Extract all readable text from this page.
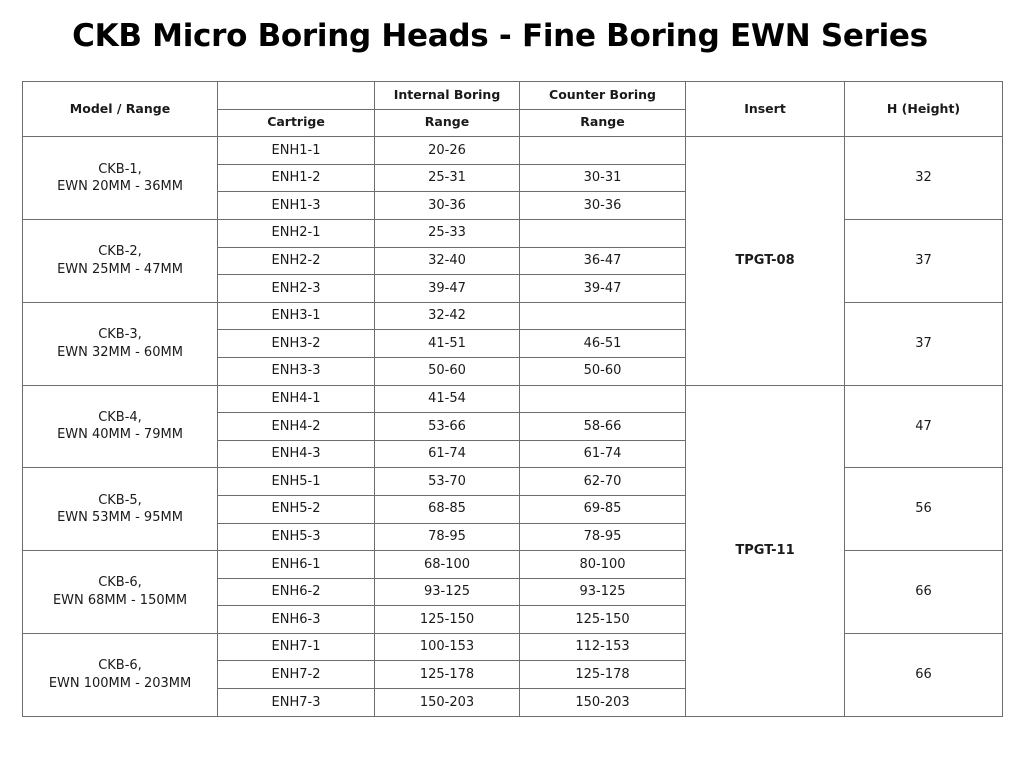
CKB Micro Boring Heads - Fine Boring EWN Series
Model / Range		Internal Boring	Counter Boring	Insert	H (Height)
	Cartrige	Range	Range		
CKB-1,
EWN 20MM - 36MM	ENH1-1	20-26		TPGT-08	32
	ENH1-2	25-31	30-31		
	ENH1-3	30-36	30-36		
CKB-2,
EWN 25MM - 47MM	ENH2-1	25-33			37
	ENH2-2	32-40	36-47		
	ENH2-3	39-47	39-47		
CKB-3,
EWN 32MM - 60MM	ENH3-1	32-42			37
	ENH3-2	41-51	46-51		
	ENH3-3	50-60	50-60		
CKB-4,
EWN 40MM - 79MM	ENH4-1	41-54		TPGT-11	47
	ENH4-2	53-66	58-66		
	ENH4-3	61-74	61-74		
CKB-5,
EWN 53MM - 95MM	ENH5-1	53-70	62-70		56
	ENH5-2	68-85	69-85		
	ENH5-3	78-95	78-95		
CKB-6,
EWN 68MM - 150MM	ENH6-1	68-100	80-100		66
	ENH6-2	93-125	93-125		
	ENH6-3	125-150	125-150		
CKB-6,
EWN 100MM - 203MM	ENH7-1	100-153	112-153		66
	ENH7-2	125-178	125-178		
	ENH7-3	150-203	150-203		
